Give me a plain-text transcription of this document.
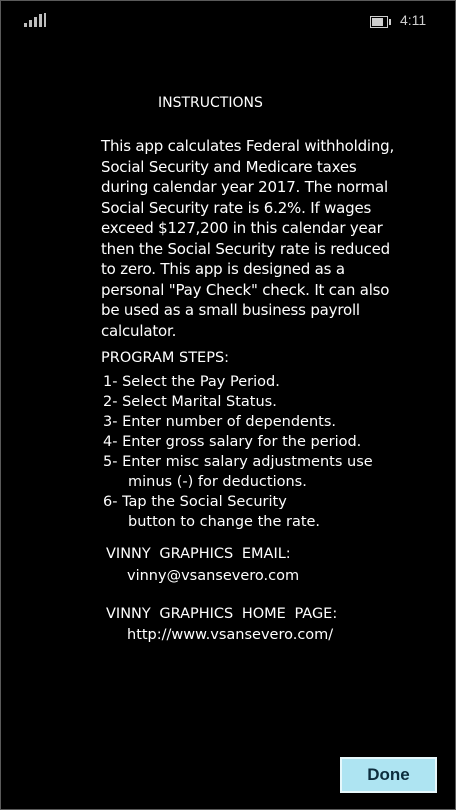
4:11
INSTRUCTIONS
This app calculates Federal withholding,
Social Security and Medicare taxes
during calendar year 2017. The normal
Social Security rate is 6.2%. If wages
exceed $127,200 in this calendar year
then the Social Security rate is reduced
to zero. This app is designed as a
personal "Pay Check" check. It can also
be used as a small business payroll
calculator.
PROGRAM STEPS:
1- Select the Pay Period.
2- Select Marital Status.
3- Enter number of dependents.
4- Enter gross salary for the period.
5- Enter misc salary adjustments use
minus (-) for deductions.
6- Tap the Social Security
button to change the rate.
VINNY GRAPHICS EMAIL:
vinny@vsansevero.com
VINNY GRAPHICS HOME PAGE:
http://www.vsansevero.com/
Done
